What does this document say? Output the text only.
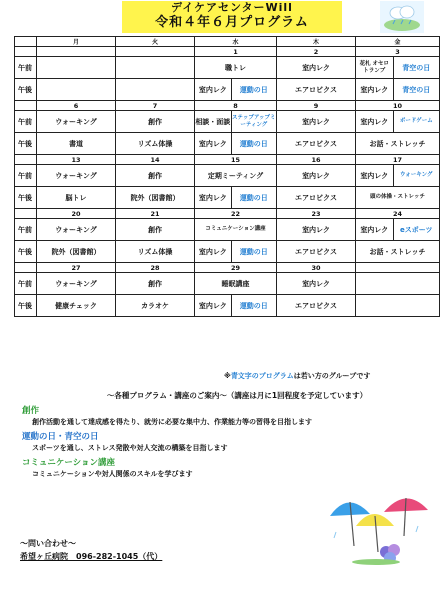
デイケアセンターWill
令和４年６月プログラム
	月	火	水	木	金
			1	2	3
午前			職トレ	室内レク	花札 オセロ トランプ 青空の日

午後			室内レク 運動の日	エアロビクス	室内レク 青空の日

	6	7	8	9	10
午前	ウォーキング	創作	相談・面談 ステップアップミーティング	室内レク	室内レク ボードゲーム

午後	書道	リズム体操	室内レク 運動の日	エアロビクス	お話・ストレッチ
	13	14	15	16	17
午前	ウォーキング	創作	定期ミーティング	室内レク	室内レク ウォーキング

午後	脳トレ	院外（図書館）	室内レク 運動の日	エアロビクス	頭の体操・ストレッチ
	20	21	22	23	24
午前	ウォーキング	創作	コミュニケーション講座	室内レク	室内レク eスポーツ

午後	院外（図書館）	リズム体操	室内レク 運動の日	エアロビクス	お話・ストレッチ
	27	28	29	30	
午前	ウォーキング	創作	睡眠講座	室内レク	
午後	健康チェック	カラオケ	室内レク 運動の日	エアロビクス	
※青文字のプログラムは若い方のグループです
～各種プログラム・講座のご案内～（講座は月に1回程度を予定しています）
創作
創作活動を通して達成感を得たり、就労に必要な集中力、作業能力等の習得を目指します
運動の日・青空の日
スポーツを通し、ストレス発散や対人交流の構築を目指します
コミュニケーション講座
コミュニケーションや対人関係のスキルを学びます
～問い合わせ～
希望ヶ丘病院　096-282-1045（代）
